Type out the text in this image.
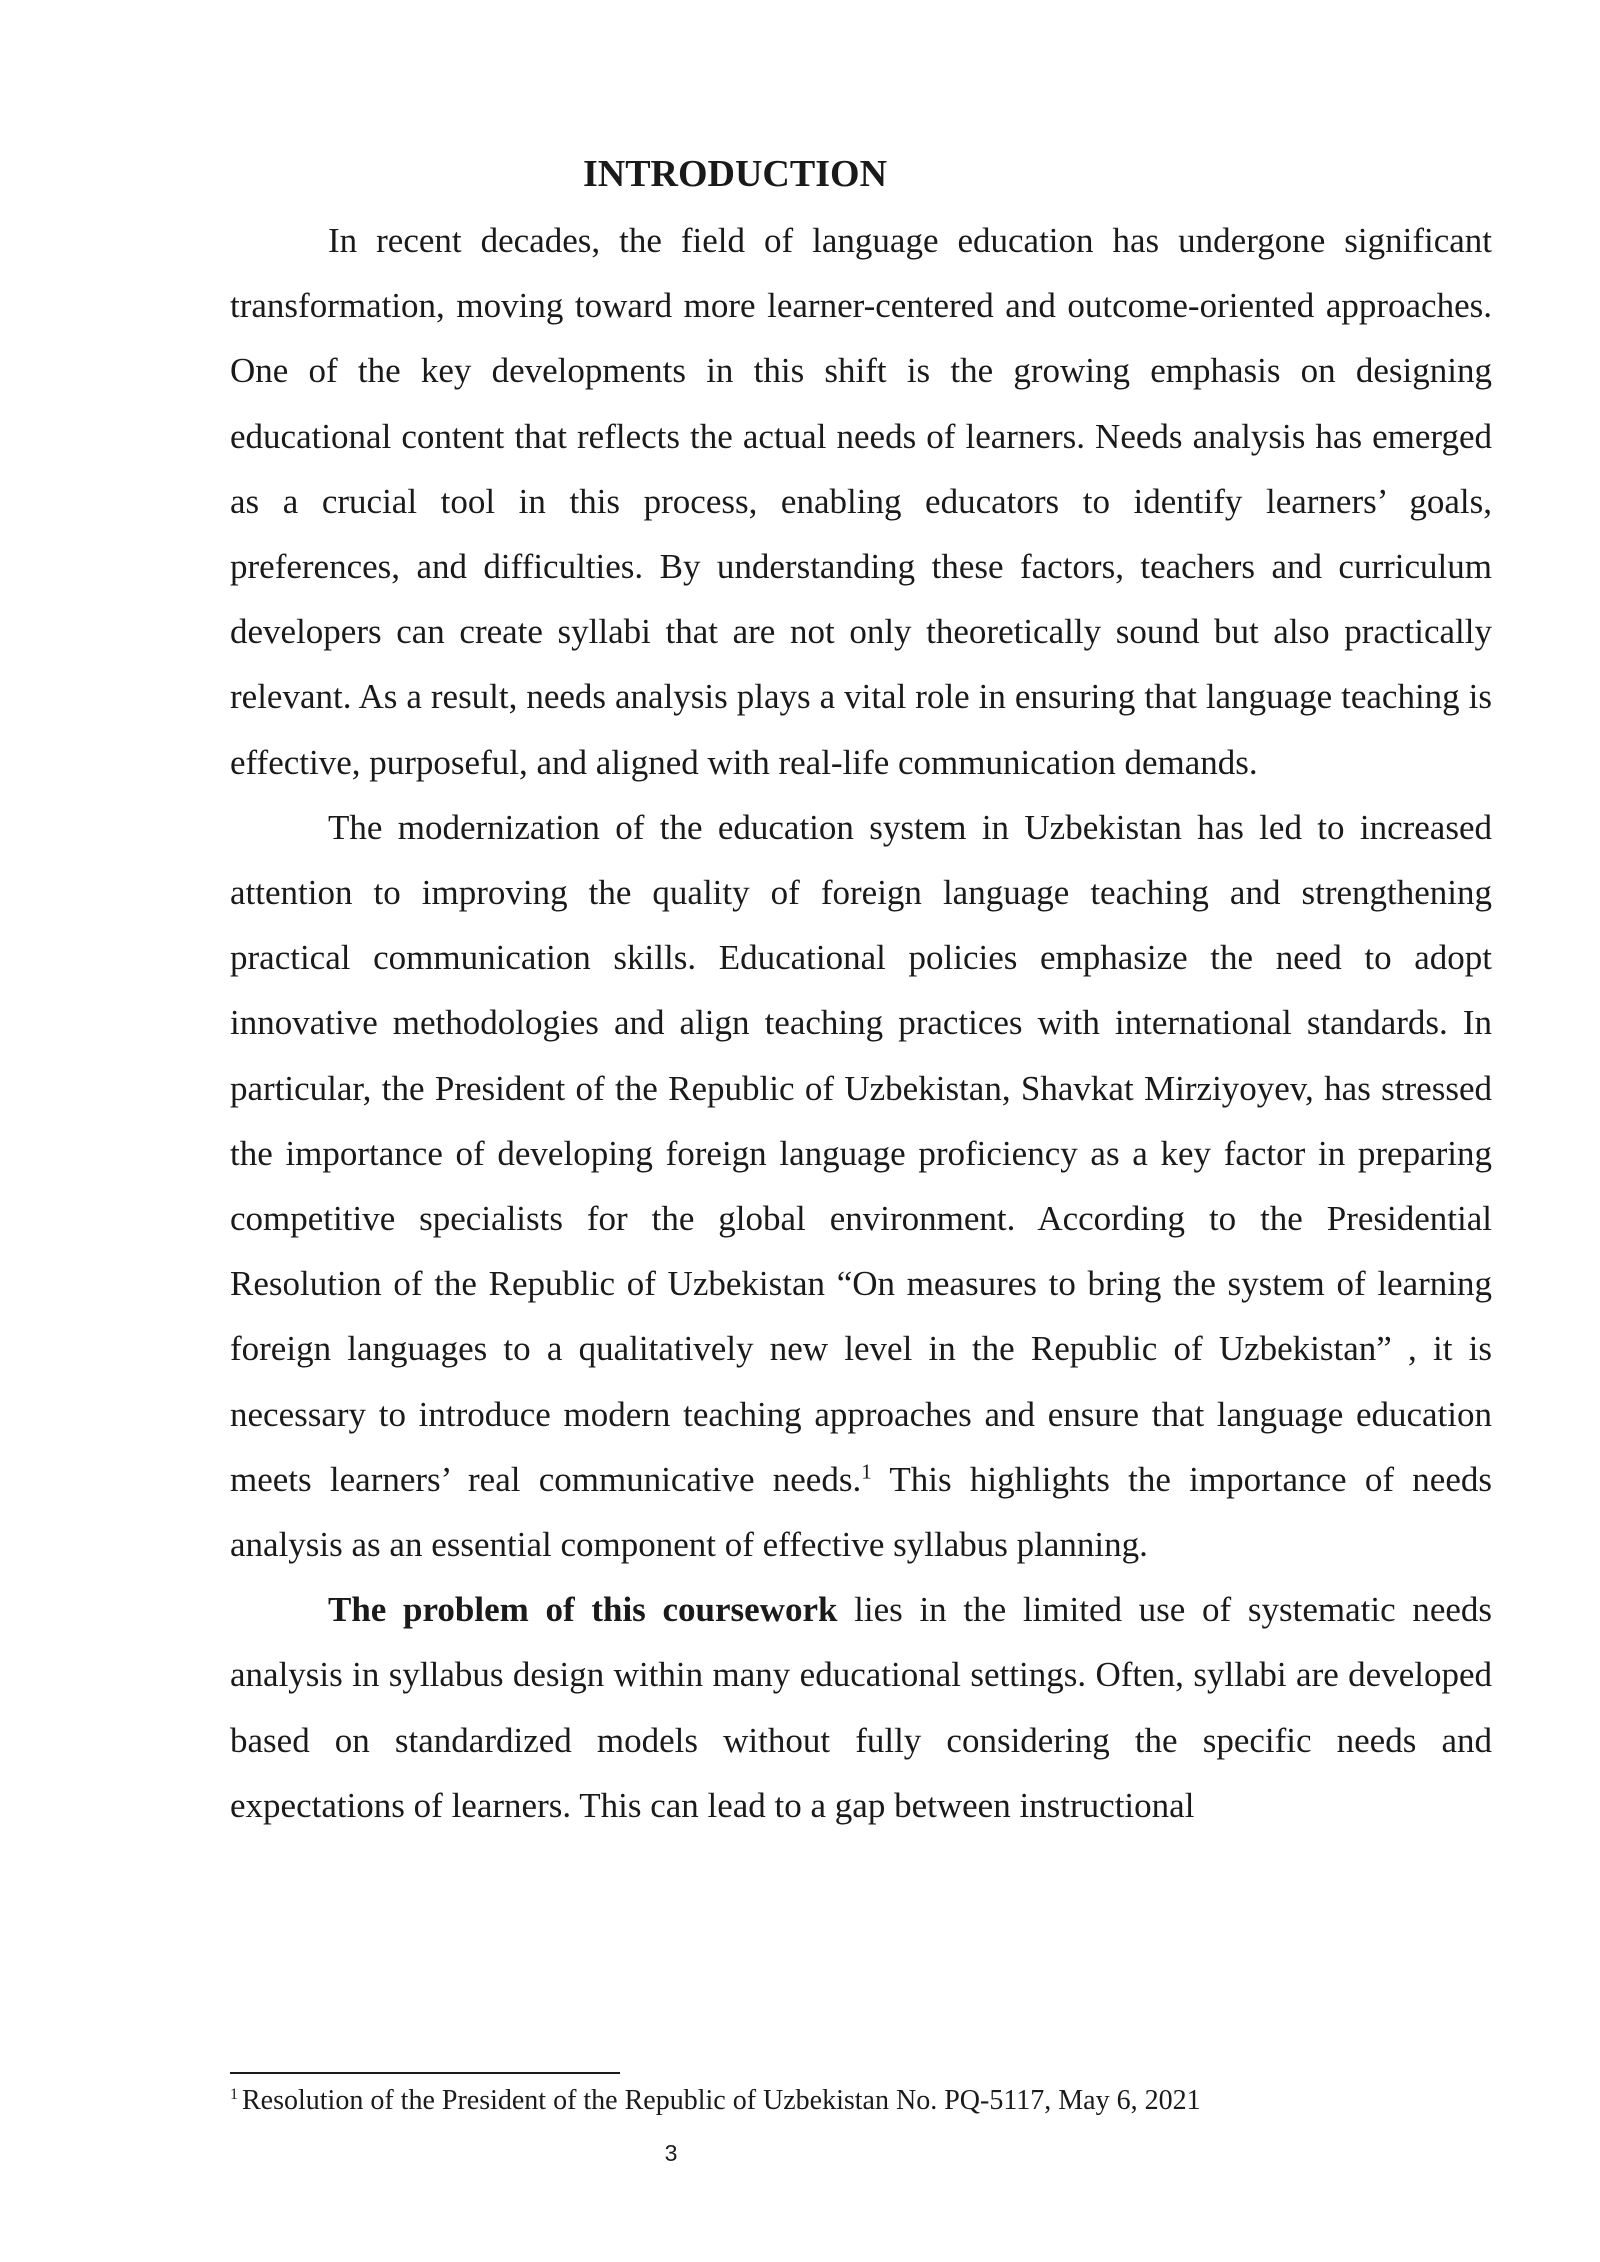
INTRODUCTION

In recent decades, the field of language education has undergone significant transformation, moving toward more learner-centered and outcome-oriented approaches. One of the key developments in this shift is the growing emphasis on designing educational content that reflects the actual needs of learners. Needs analysis has emerged as a crucial tool in this process, enabling educators to identify learners’ goals, preferences, and difficulties. By understanding these factors, teachers and curriculum developers can create syllabi that are not only theoretically sound but also practically relevant. As a result, needs analysis plays a vital role in ensuring that language teaching is effective, purposeful, and aligned with real-life communication demands.

The modernization of the education system in Uzbekistan has led to increased attention to improving the quality of foreign language teaching and strengthening practical communication skills. Educational policies emphasize the need to adopt innovative methodologies and align teaching practices with international standards. In particular, the President of the Republic of Uzbekistan, Shavkat Mirziyoyev, has stressed the importance of developing foreign language proficiency as a key factor in preparing competitive specialists for the global environment. According to the Presidential Resolution of the Republic of Uzbekistan “On measures to bring the system of learning foreign languages to a qualitatively new level in the Republic of Uzbekistan” , it is necessary to introduce modern teaching approaches and ensure that language education meets learners’ real communicative needs.$^1$ This highlights the importance of needs analysis as an essential component of effective syllabus planning.

The problem of this coursework lies in the limited use of systematic needs analysis in syllabus design within many educational settings. Often, syllabi are developed based on standardized models without fully considering the specific needs and expectations of learners. This can lead to a gap between instructional

$^1$ Resolution of the President of the Republic of Uzbekistan No. PQ-5117, May 6, 2021

3
